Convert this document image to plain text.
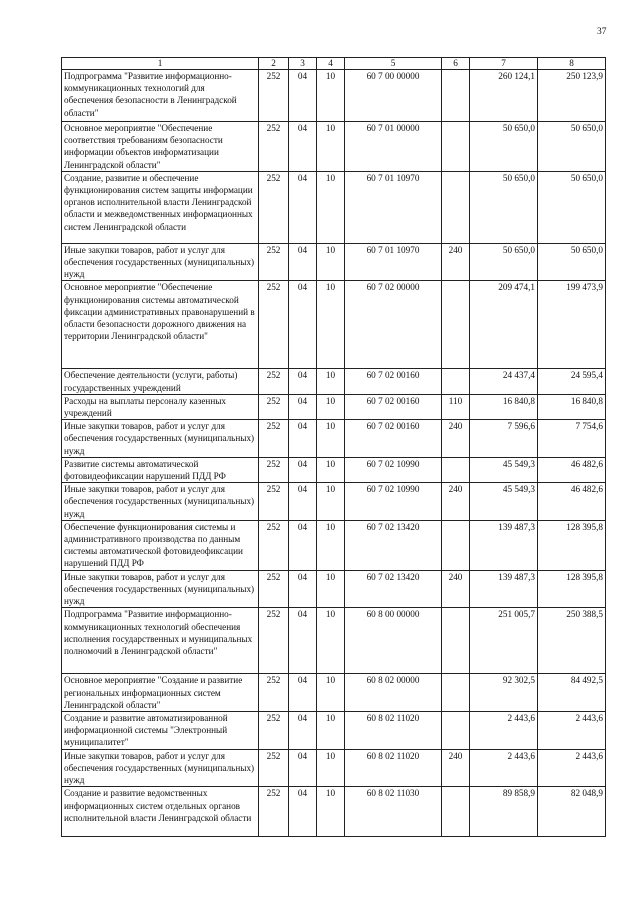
37
1	2	3	4	5	6	7	8
Подпрограмма "Развитие информационно-коммуникационных технологий для обеспечения безопасности в Ленинградской области"	252	04	10	60 7 00 00000		260 124,1	250 123,9
Основное мероприятие "Обеспечение соответствия требованиям безопасности информации объектов информатизации Ленинградской области"	252	04	10	60 7 01 00000		50 650,0	50 650,0
Создание, развитие и обеспечение функционирования систем защиты информации органов исполнительной власти Ленинградской области и межведомственных информационных систем Ленинградской области	252	04	10	60 7 01 10970		50 650,0	50 650,0
Иные закупки товаров, работ и услуг для обеспечения государственных (муниципальных) нужд	252	04	10	60 7 01 10970	240	50 650,0	50 650,0
Основное мероприятие "Обеспечение функционирования системы автоматической фиксации административных правонарушений в области безопасности дорожного движения на территории Ленинградской области"	252	04	10	60 7 02 00000		209 474,1	199 473,9
Обеспечение деятельности (услуги, работы) государственных учреждений	252	04	10	60 7 02 00160		24 437,4	24 595,4
Расходы на выплаты персоналу казенных учреждений	252	04	10	60 7 02 00160	110	16 840,8	16 840,8
Иные закупки товаров, работ и услуг для обеспечения государственных (муниципальных) нужд	252	04	10	60 7 02 00160	240	7 596,6	7 754,6
Развитие системы автоматической фотовидеофиксации нарушений ПДД РФ	252	04	10	60 7 02 10990		45 549,3	46 482,6
Иные закупки товаров, работ и услуг для обеспечения государственных (муниципальных) нужд	252	04	10	60 7 02 10990	240	45 549,3	46 482,6
Обеспечение функционирования системы и административного производства по данным системы автоматической фотовидеофиксации нарушений ПДД РФ	252	04	10	60 7 02 13420		139 487,3	128 395,8
Иные закупки товаров, работ и услуг для обеспечения государственных (муниципальных) нужд	252	04	10	60 7 02 13420	240	139 487,3	128 395,8
Подпрограмма "Развитие информационно-коммуникационных технологий обеспечения исполнения государственных и муниципальных полномочий в Ленинградской области"	252	04	10	60 8 00 00000		251 005,7	250 388,5
Основное мероприятие "Создание и развитие региональных информационных систем Ленинградской области"	252	04	10	60 8 02 00000		92 302,5	84 492,5
Создание и развитие автоматизированной информационной системы "Электронный муниципалитет"	252	04	10	60 8 02 11020		2 443,6	2 443,6
Иные закупки товаров, работ и услуг для обеспечения государственных (муниципальных) нужд	252	04	10	60 8 02 11020	240	2 443,6	2 443,6
Создание и развитие ведомственных информационных систем отдельных органов исполнительной власти Ленинградской области	252	04	10	60 8 02 11030		89 858,9	82 048,9
